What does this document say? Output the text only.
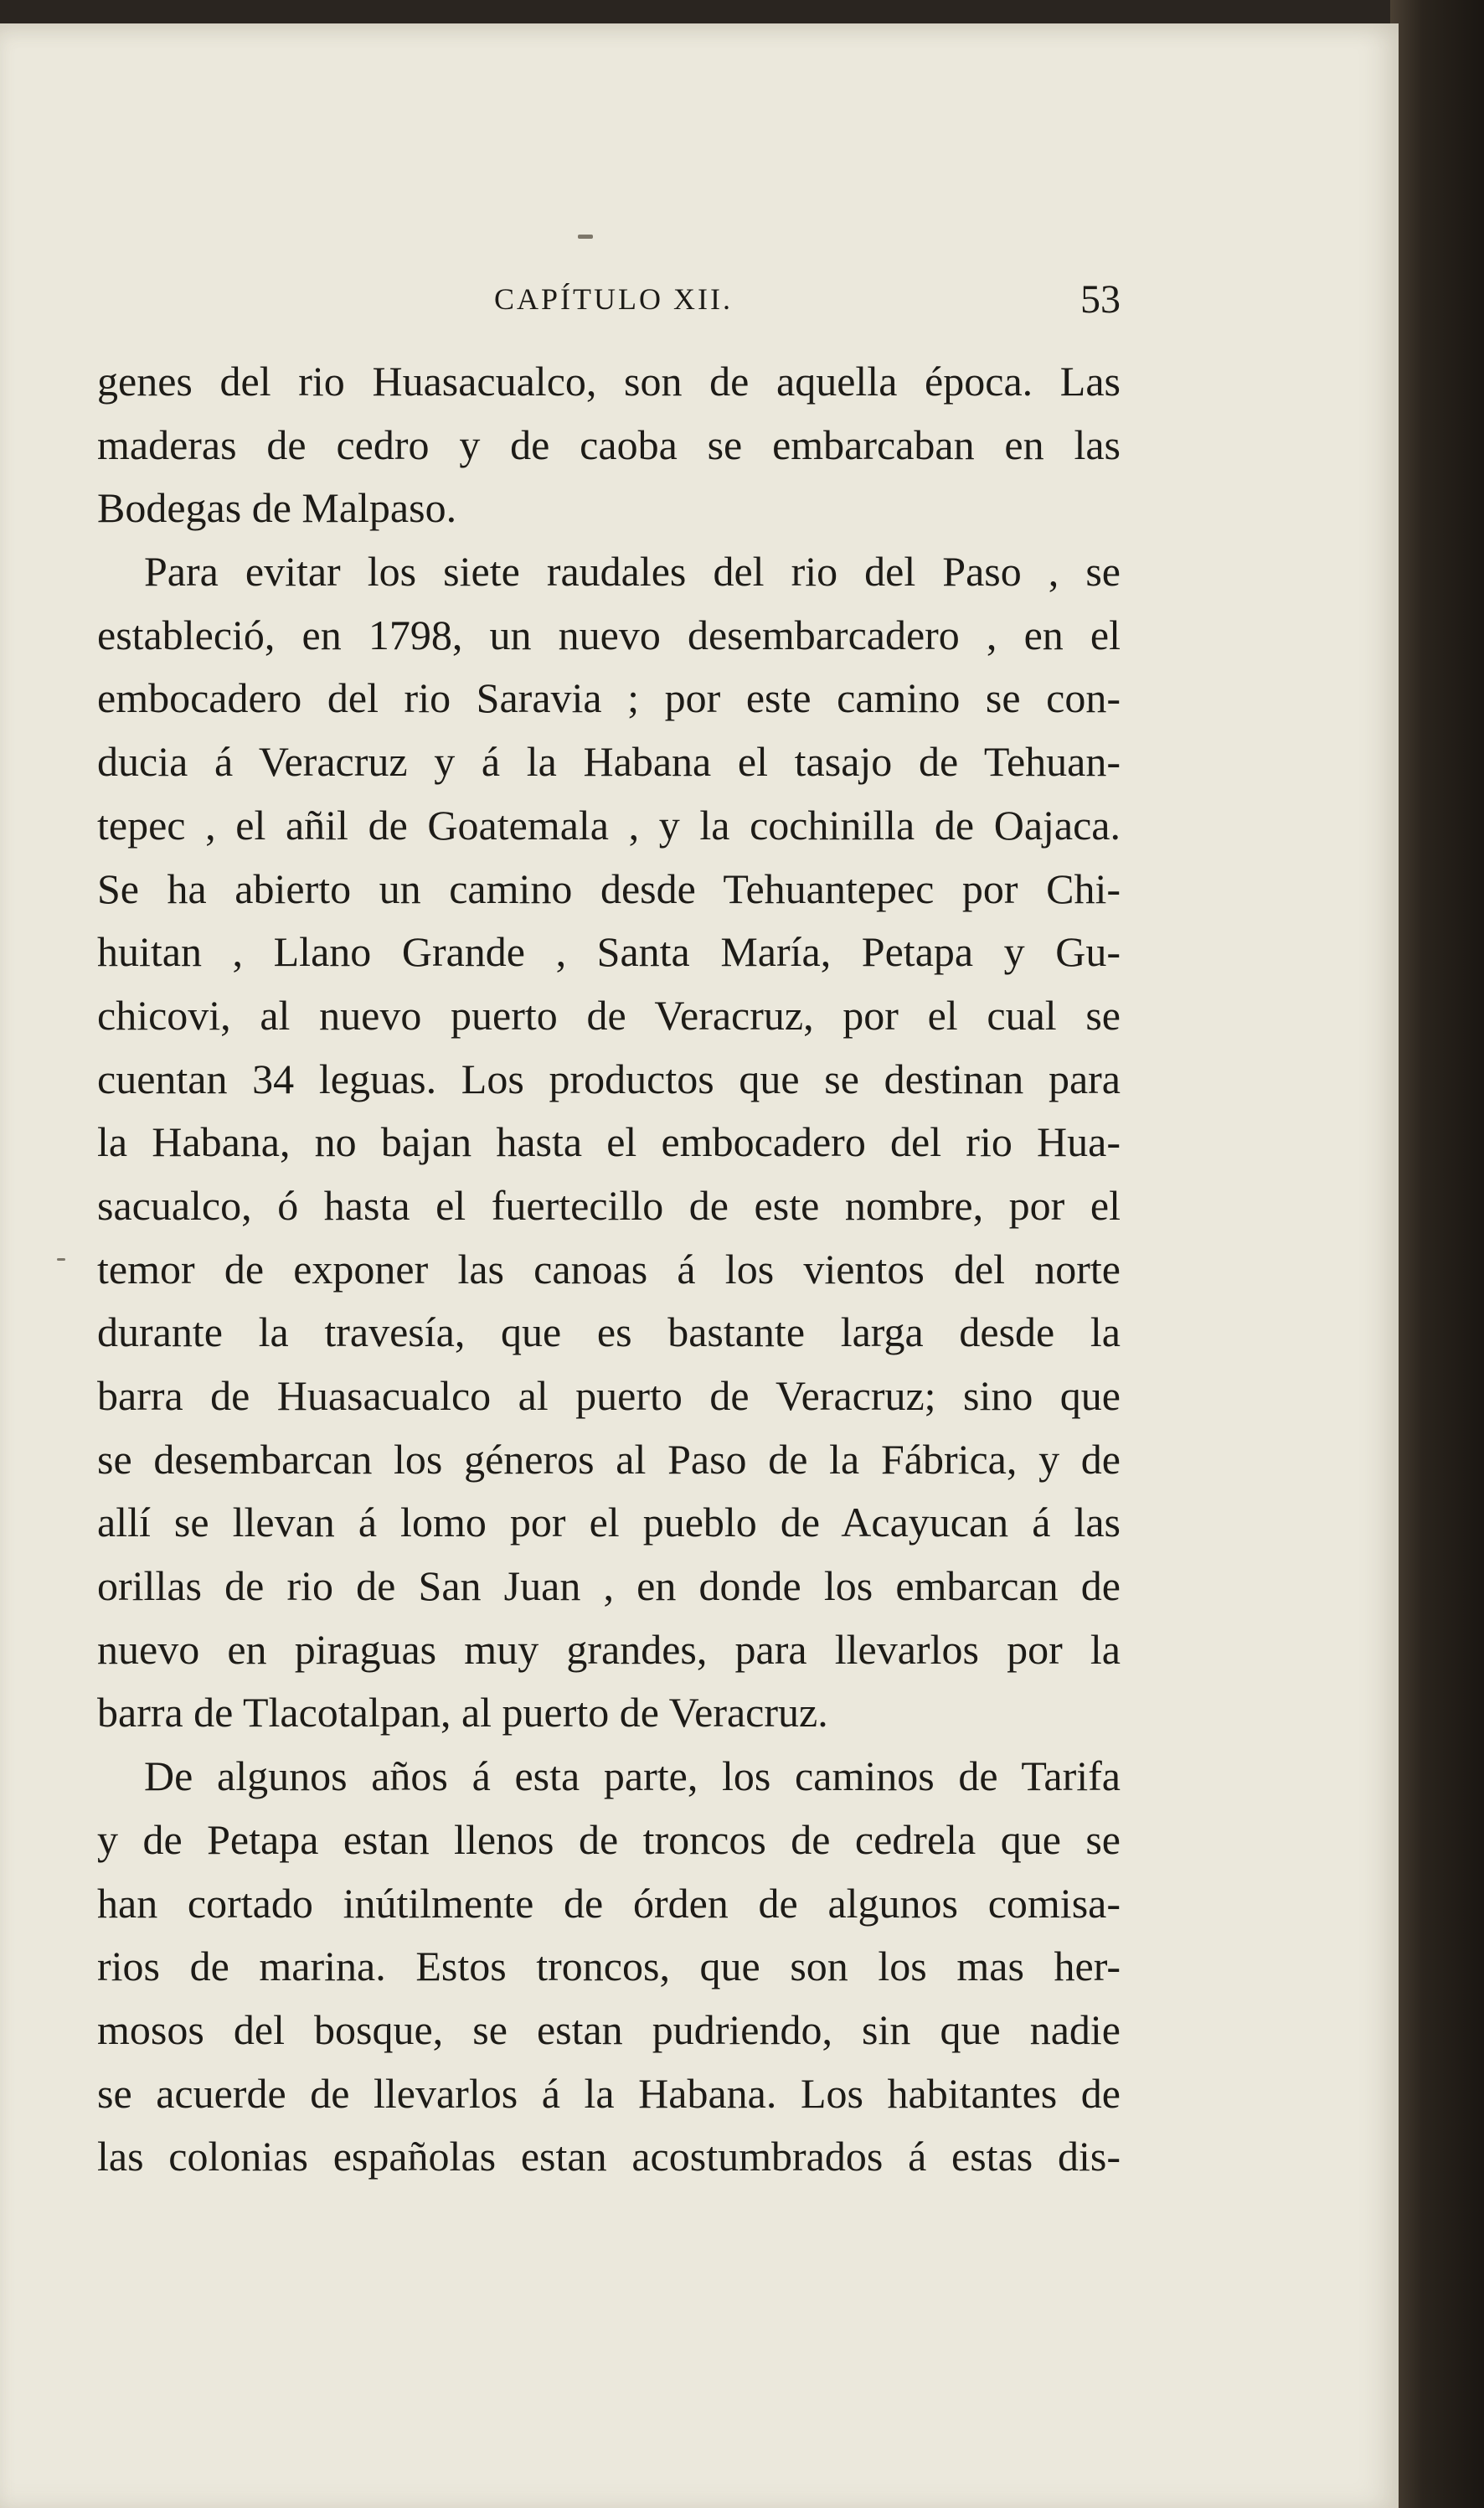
CAPÍTULO XII.	53
genes del rio Huasacualco, son de aquella época. Las
maderas de cedro y de caoba se embarcaban en las
Bodegas de Malpaso.
Para evitar los siete raudales del rio del Paso , se
estableció, en 1798, un nuevo desembarcadero , en el
embocadero del rio Saravia ; por este camino se con-
ducia á Veracruz y á la Habana el tasajo de Tehuan-
tepec , el añil de Goatemala , y la cochinilla de Oajaca.
Se ha abierto un camino desde Tehuantepec por Chi-
huitan , Llano Grande , Santa María, Petapa y Gu-
chicovi, al nuevo puerto de Veracruz, por el cual se
cuentan 34 leguas. Los productos que se destinan para
la Habana, no bajan hasta el embocadero del rio Hua-
sacualco, ó hasta el fuertecillo de este nombre, por el
temor de exponer las canoas á los vientos del norte
durante la travesía, que es bastante larga desde la
barra de Huasacualco al puerto de Veracruz; sino que
se desembarcan los géneros al Paso de la Fábrica, y de
allí se llevan á lomo por el pueblo de Acayucan á las
orillas de rio de San Juan , en donde los embarcan de
nuevo en piraguas muy grandes, para llevarlos por la
barra de Tlacotalpan, al puerto de Veracruz.
De algunos años á esta parte, los caminos de Tarifa
y de Petapa estan llenos de troncos de cedrela que se
han cortado inútilmente de órden de algunos comisa-
rios de marina. Estos troncos, que son los mas her-
mosos del bosque, se estan pudriendo, sin que nadie
se acuerde de llevarlos á la Habana. Los habitantes de
las colonias españolas estan acostumbrados á estas dis-
